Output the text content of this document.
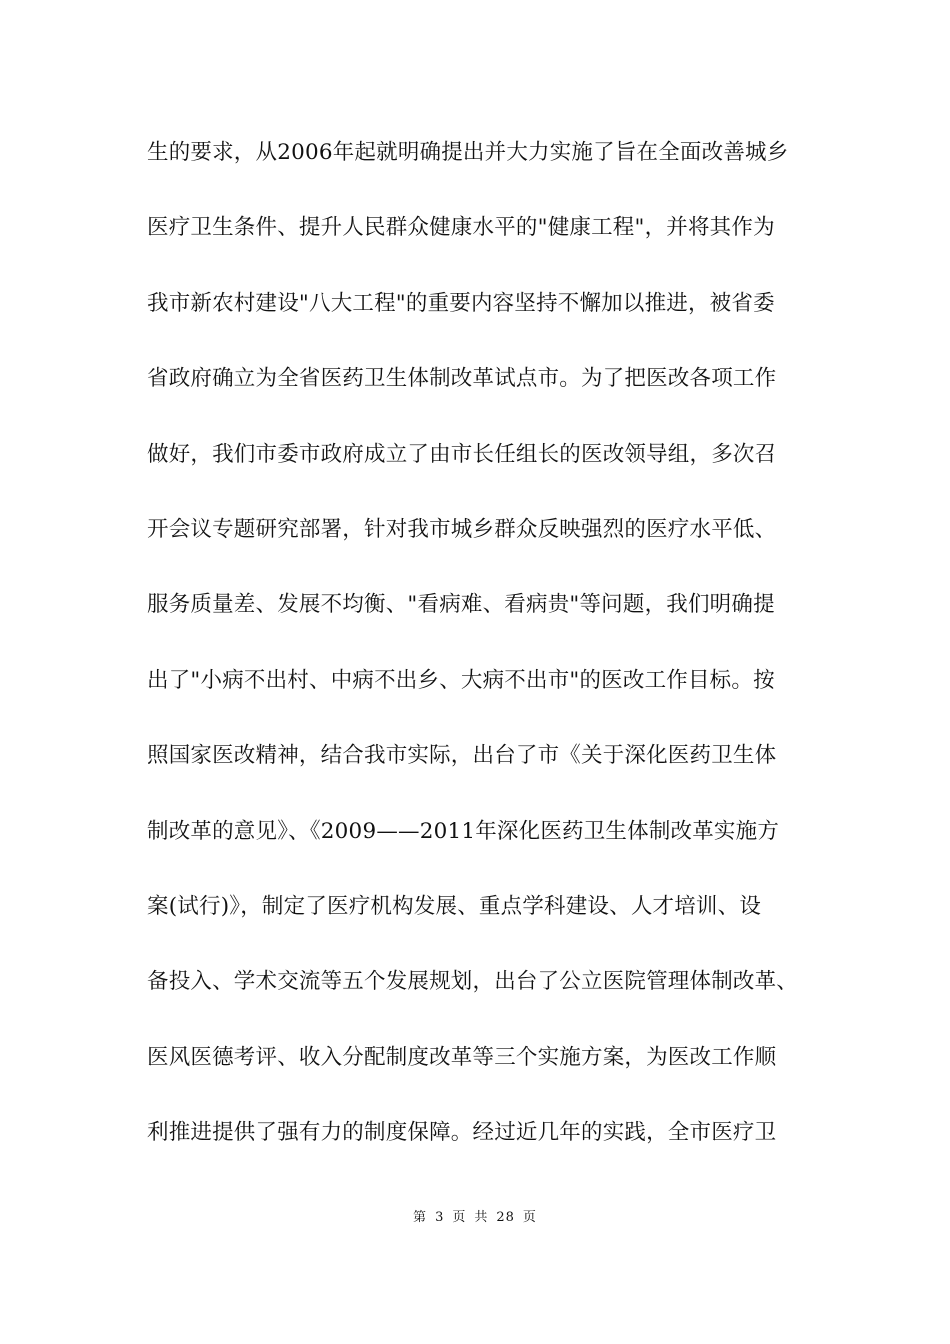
生的要求，从2006年起就明确提出并大力实施了旨在全面改善城乡
医疗卫生条件、提升人民群众健康水平的"健康工程"，并将其作为
我市新农村建设"八大工程"的重要内容坚持不懈加以推进，被省委
省政府确立为全省医药卫生体制改革试点市。为了把医改各项工作
做好，我们市委市政府成立了由市长任组长的医改领导组，多次召
开会议专题研究部署，针对我市城乡群众反映强烈的医疗水平低、
服务质量差、发展不均衡、"看病难、看病贵"等问题，我们明确提
出了"小病不出村、中病不出乡、大病不出市"的医改工作目标。按
照国家医改精神，结合我市实际，出台了市《关于深化医药卫生体
制改革的意见》、《2009——2011年深化医药卫生体制改革实施方
案(试行)》，制定了医疗机构发展、重点学科建设、人才培训、设
备投入、学术交流等五个发展规划，出台了公立医院管理体制改革、
医风医德考评、收入分配制度改革等三个实施方案，为医改工作顺
利推进提供了强有力的制度保障。经过近几年的实践，全市医疗卫
第 3 页 共 28 页
